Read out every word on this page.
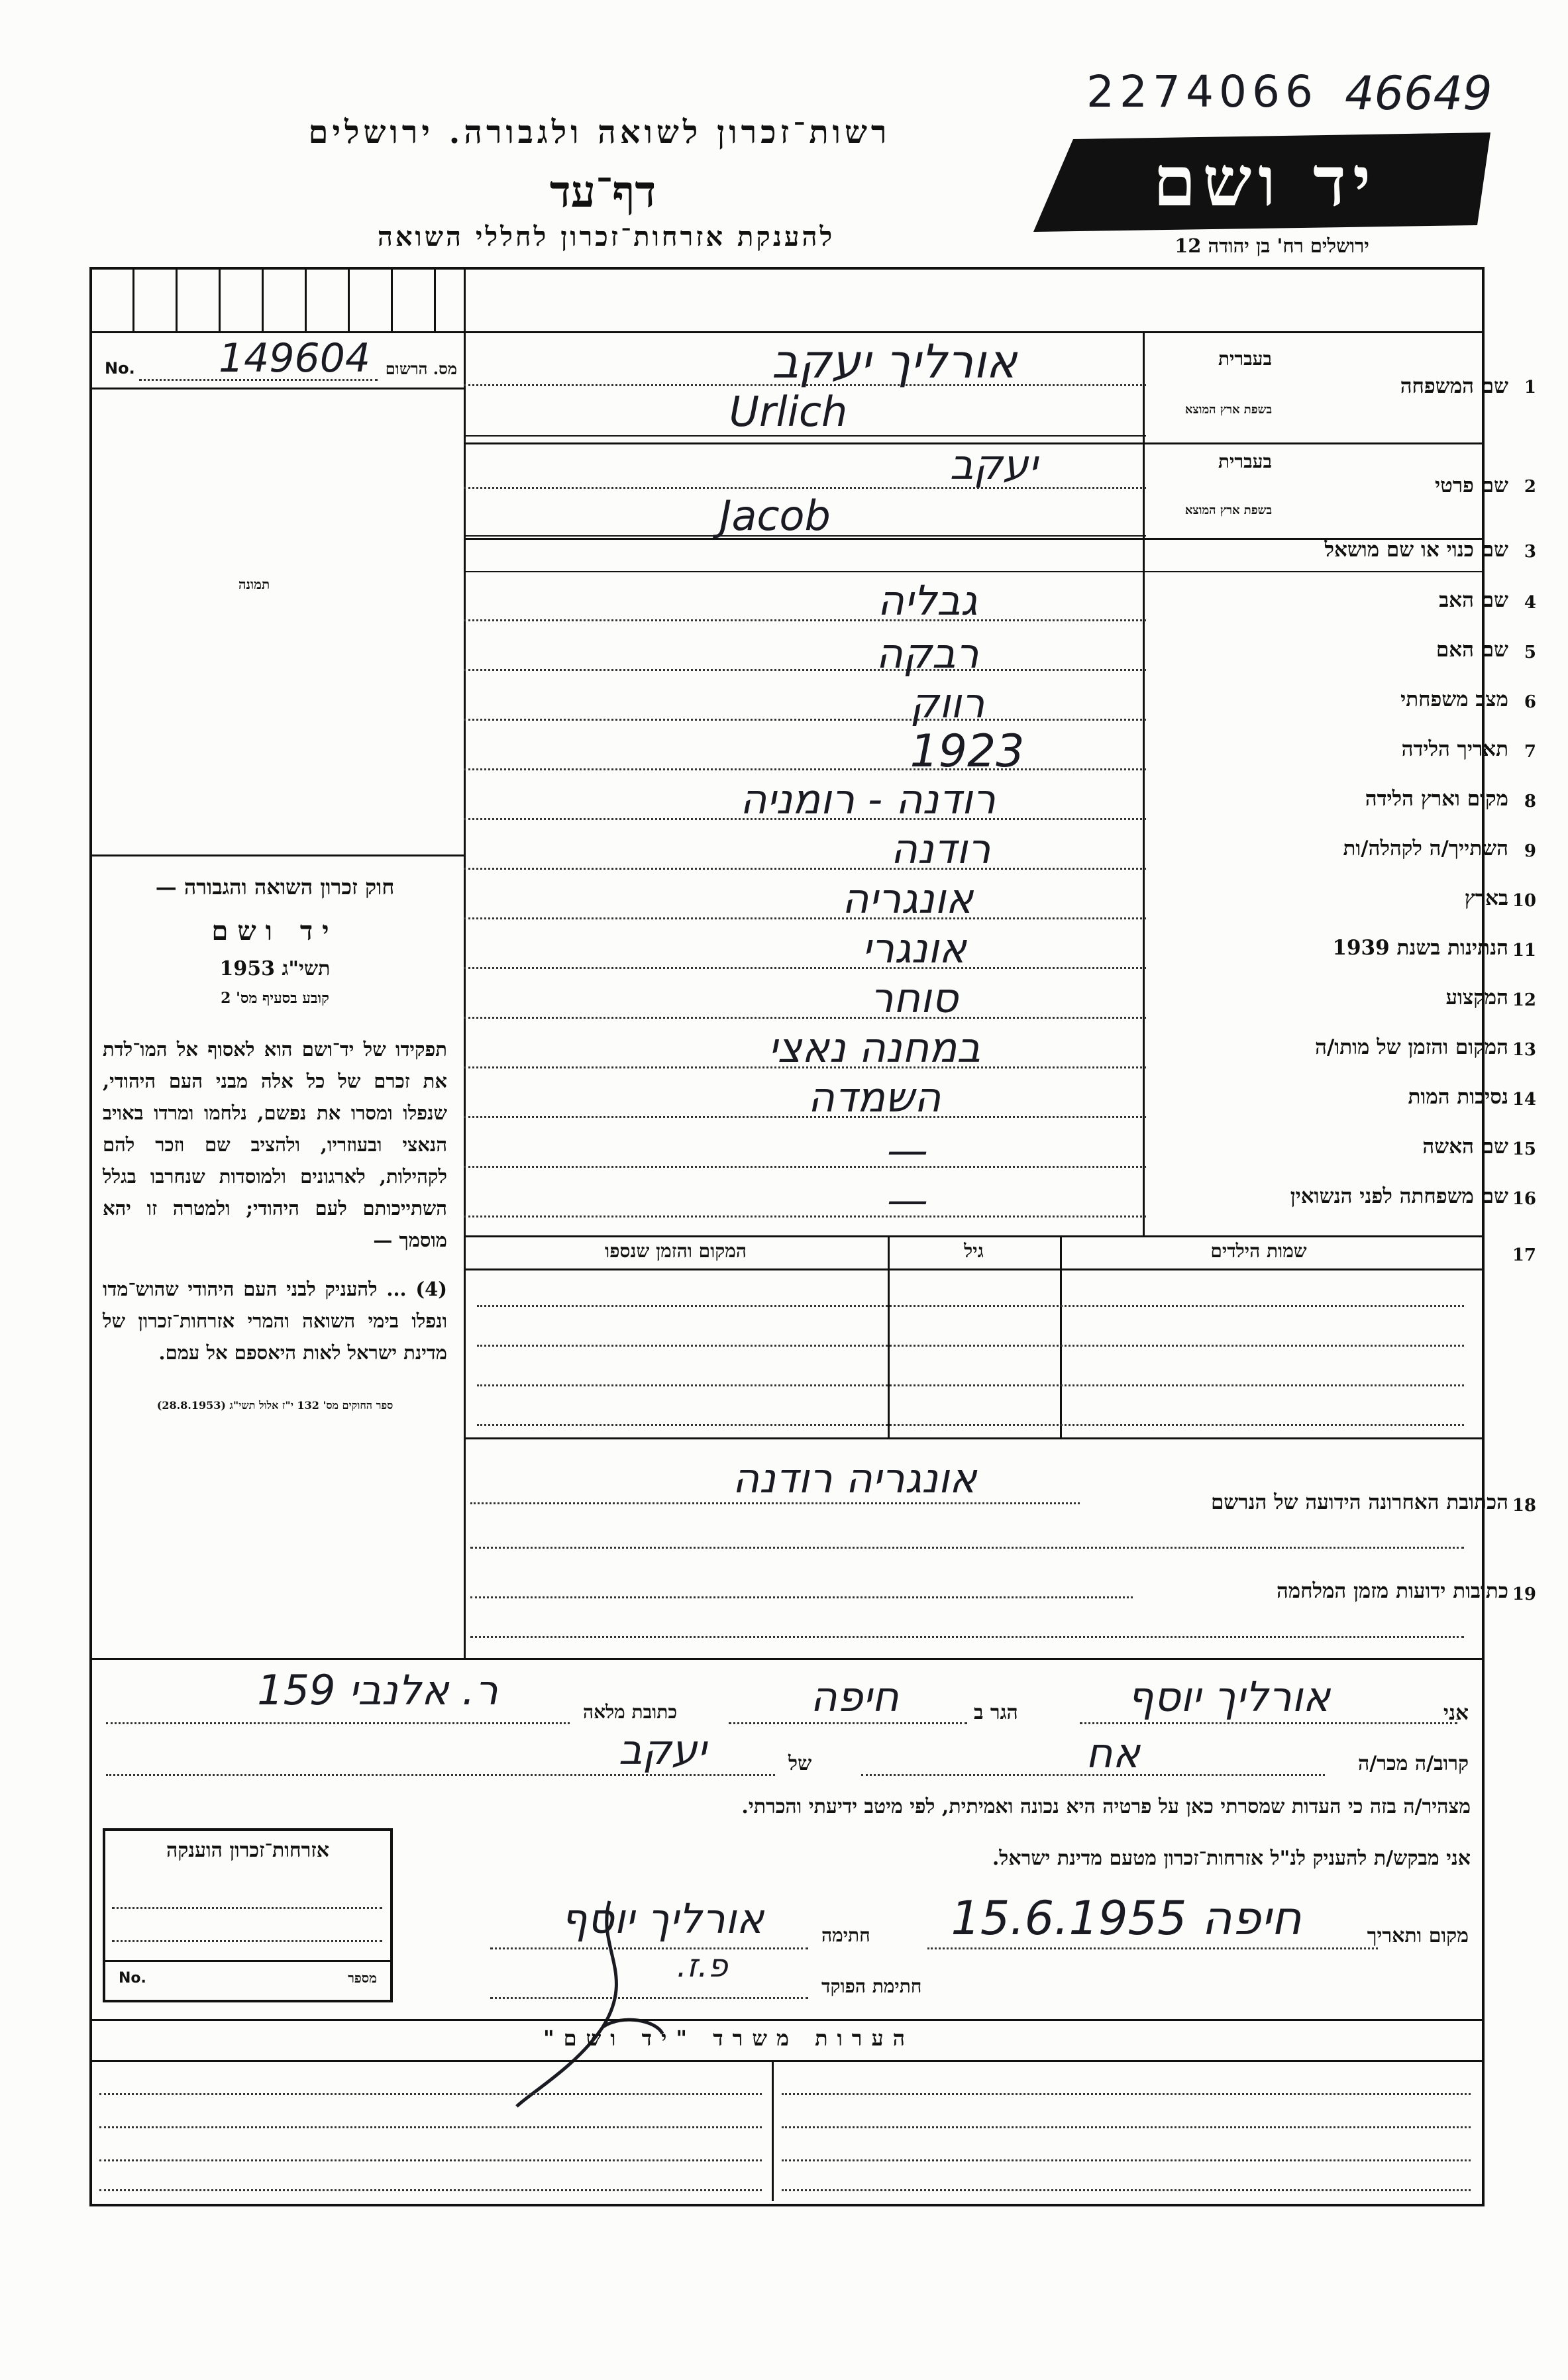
2274066 46649
רשות־זכרון לשואה ולגבורה. ירושלים
דף־עד
להענקת אזרחות־זכרון לחללי השואה
יד ושם
ירושלים רח' בן יהודה 12
No. 149604 מס. הרשום
תמונה
חוק זכרון השואה והגבורה —
יד ושם
תשי"ג 1953
קובע בסעיף מס' 2
תפקידו של יד־ושם הוא לאסוף אל המו־לדת את זכרם של כל אלה מבני העם היהודי, שנפלו ומסרו את נפשם, נלחמו ומרדו באויב הנאצי ובעוזריו, ולהציב שם וזכר להם לקהילות, לארגונים ולמוסדות שנחרבו בגלל השתייכותם לעם היהודי; ולמטרה זו יהא מוסמך —
(4) ... להעניק לבני העם היהודי שהוש־מדו ונפלו בימי השואה והמרי אזרחות־זכרון של מדינת ישראל לאות היאספם אל עמם.
ספר החוקים מס' 132 י"ז אלול תשי"ג (28.8.1953)
1
שם המשפחה
בעברית
בשפת ארץ המוצא
אורליך יעקב
Urlich
2
שם פרטי
בעברית
בשפת ארץ המוצא
יעקב
Jacob
3
שם כנוי או שם מושאל
4
שם האב
גבליה
5
שם האם
רבקה
6
מצב משפחתי
רווק
7
תאריך הלידה
1923
8
מקום וארץ הלידה
רודנה - רומניה
9
השתייך/ה לקהלה/ות
רודנה
10
בארץ
אונגריה
11
הנתינות בשנת 1939
אונגרי
12
המקצוע
סוחר
13
המקום והזמן של מותו/ה
במחנה נאצי
14
נסיבות המות
השמדה
15
שם האשה
—
16
שם משפחתה לפני הנשואין
—
17
שמות הילדים
גיל
המקום והזמן שנספו
18
הכתובת האחרונה הידועה של הנרשם
אונגריה רודנה
19
כתובות ידועות מזמן המלחמה
אני
אורליך יוסף
הגר ב
חיפה
כתובת מלאה
ר. אלנבי 159
קרוב/ה מכר/ה
אח
של
יעקב
מצהיר/ה בזה כי העדות שמסרתי כאן על פרטיה היא נכונה ואמיתית, לפי מיטב ידיעתי והכרתי.
אני מבקש/ת להעניק לנ"ל אזרחות־זכרון מטעם מדינת ישראל.
מקום ותאריך
חיפה 15.6.1955
חתימה
אורליך יוסף
חתימת הפוקד
פ.ז.
אזרחות־זכרון הוענקה
No.	מספר
הערות משרד "יד ושם"
